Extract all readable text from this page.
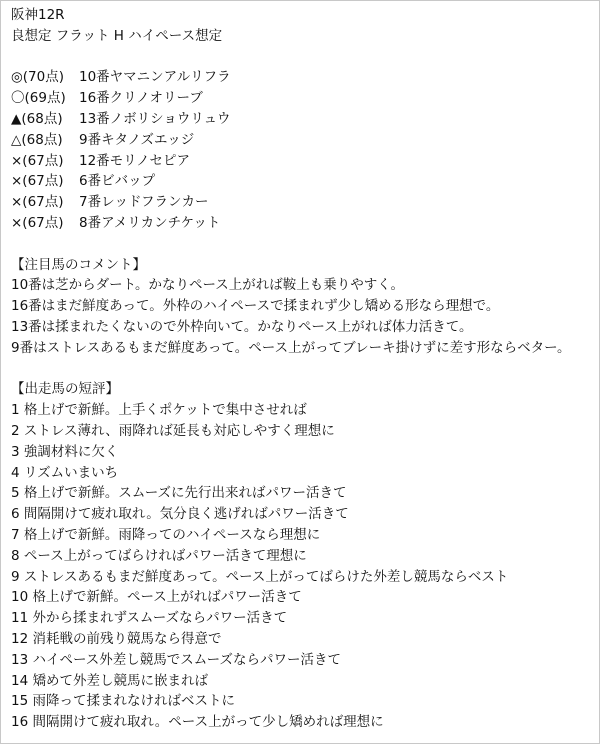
阪神12R
良想定 フラット H ハイペース想定
◎(70点)	10番ヤマニンアルリフラ
〇(69点) 16番クリノオリーブ
▲(68点)	13番ノボリショウリュウ
△(68点)	9番キタノズエッジ
×(67点)	12番モリノセピア
×(67点)	6番ビバップ
×(67点)	7番レッドフランカー
×(67点)	8番アメリカンチケット
【注目馬のコメント】
10番は芝からダート。かなりペース上がれば鞍上も乗りやすく。
16番はまだ鮮度あって。外枠のハイペースで揉まれず少し矯める形なら理想で。
13番は揉まれたくないので外枠向いて。かなりペース上がれば体力活きて。
9番はストレスあるもまだ鮮度あって。ペース上がってブレーキ掛けずに差す形ならベター。
【出走馬の短評】
1 格上げで新鮮。上手くポケットで集中させれば
2 ストレス薄れ、雨降れば延長も対応しやすく理想に
3 強調材料に欠く
4 リズムいまいち
5 格上げで新鮮。スムーズに先行出来ればパワー活きて
6 間隔開けて疲れ取れ。気分良く逃げればパワー活きて
7 格上げで新鮮。雨降ってのハイペースなら理想に
8 ペース上がってばらければパワー活きて理想に
9 ストレスあるもまだ鮮度あって。ペース上がってばらけた外差し競馬ならベスト
10 格上げで新鮮。ペース上がればパワー活きて
11 外から揉まれずスムーズならパワー活きて
12 消耗戦の前残り競馬なら得意で
13 ハイペース外差し競馬でスムーズならパワー活きて
14 矯めて外差し競馬に嵌まれば
15 雨降って揉まれなければベストに
16 間隔開けて疲れ取れ。ペース上がって少し矯めれば理想に
